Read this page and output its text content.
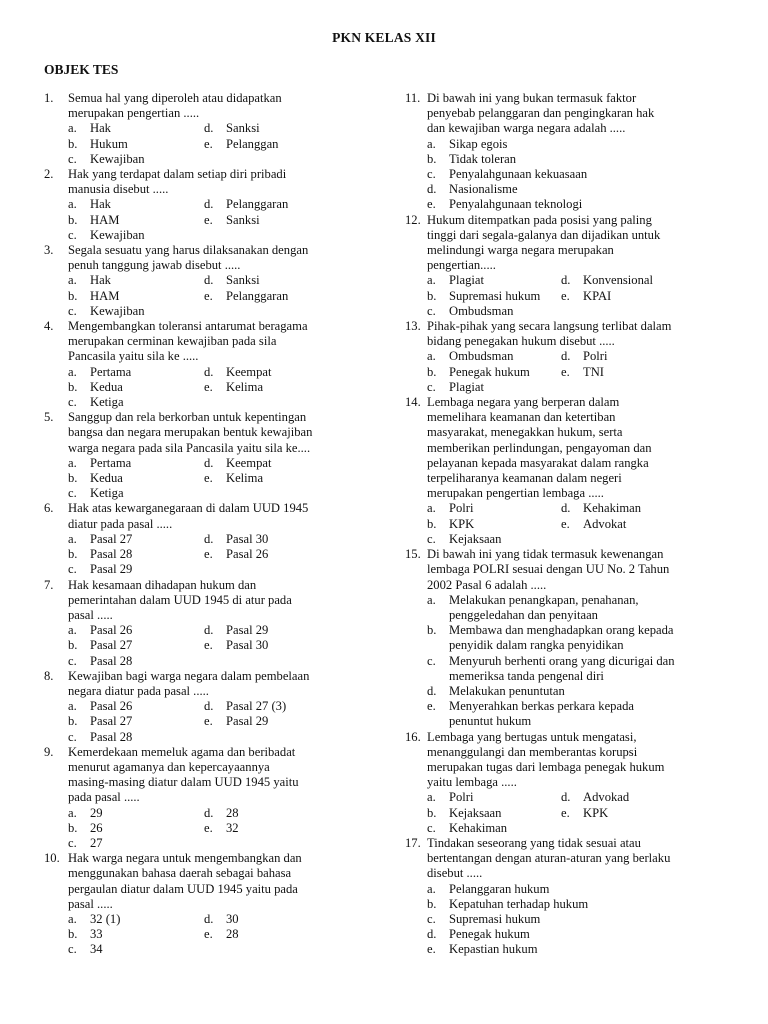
PKN KELAS XII
OBJEK TES
1.	Semua hal yang diperoleh atau didapatkan
merupakan pengertian .....
a.	Hak	d. Sanksi
b. Hukum	e.	Pelanggan
c.	Kewajiban
2.	Hak yang terdapat dalam setiap diri pribadi
manusia disebut .....
a.	Hak	d. Pelanggaran
b. HAM	e.	Sanksi
c.	Kewajiban
3.	Segala sesuatu yang harus dilaksanakan dengan
penuh tanggung jawab disebut .....
a.	Hak	d. Sanksi
b. HAM	e.	Pelanggaran
c.	Kewajiban
4.	Mengembangkan toleransi antarumat beragama
merupakan cerminan kewajiban pada sila
Pancasila yaitu sila ke .....
a.	Pertama	d. Keempat
b. Kedua	e.	Kelima
c.	Ketiga
5.	Sanggup dan rela berkorban untuk kepentingan
bangsa dan negara merupakan bentuk kewajiban
warga negara pada sila Pancasila yaitu sila ke....
a.	Pertama	d. Keempat
b. Kedua	e.	Kelima
c.	Ketiga
6.	Hak atas kewarganegaraan di dalam UUD 1945
diatur pada pasal .....
a.	Pasal 27	d. Pasal 30
b. Pasal 28	e.	Pasal 26
c.	Pasal 29
7.	Hak kesamaan dihadapan hukum dan
pemerintahan dalam UUD 1945 di atur pada
pasal .....
a.	Pasal 26	d. Pasal 29
b. Pasal 27	e.	Pasal 30
c.	Pasal 28
8.	Kewajiban bagi warga negara dalam pembelaan
negara diatur pada pasal .....
a.	Pasal 26	d. Pasal 27 (3)
b. Pasal 27	e.	Pasal 29
c.	Pasal 28
9.	Kemerdekaan memeluk agama dan beribadat
menurut agamanya dan kepercayaannya
masing-masing diatur dalam UUD 1945 yaitu
pada pasal .....
a.	29	d. 28
b. 26	e.	32
c.	27
10. Hak warga negara untuk mengembangkan dan
menggunakan bahasa daerah sebagai bahasa
pergaulan diatur dalam UUD 1945 yaitu pada
pasal .....
a.	32 (1)	d. 30
b. 33	e.	28
c.	34
11. Di bawah ini yang bukan termasuk faktor
penyebab pelanggaran dan pengingkaran hak
dan kewajiban warga negara adalah .....
a.	Sikap egois
b. Tidak toleran
c.	Penyalahgunaan kekuasaan
d. Nasionalisme
e.	Penyalahgunaan teknologi
12. Hukum ditempatkan pada posisi yang paling
tinggi dari segala-galanya dan dijadikan untuk
melindungi warga negara merupakan
pengertian.....
a.	Plagiat	d. Konvensional
b. Supremasi hukum	e.	KPAI
c.	Ombudsman
13. Pihak-pihak yang secara langsung terlibat dalam
bidang penegakan hukum disebut .....
a.	Ombudsman	d. Polri
b. Penegak hukum	e.	TNI
c.	Plagiat
14. Lembaga negara yang berperan dalam
memelihara keamanan dan ketertiban
masyarakat, menegakkan hukum, serta
memberikan perlindungan, pengayoman dan
pelayanan kepada masyarakat dalam rangka
terpeliharanya keamanan dalam negeri
merupakan pengertian lembaga .....
a.	Polri	d. Kehakiman
b. KPK	e.	Advokat
c.	Kejaksaan
15. Di bawah ini yang tidak termasuk kewenangan
lembaga POLRI sesuai dengan UU No. 2 Tahun
2002 Pasal 6 adalah .....
a.	Melakukan penangkapan, penahanan,
penggeledahan dan penyitaan
b. Membawa dan menghadapkan orang kepada
penyidik dalam rangka penyidikan
c.	Menyuruh berhenti orang yang dicurigai dan
memeriksa tanda pengenal diri
d. Melakukan penuntutan
e.	Menyerahkan berkas perkara kepada
penuntut hukum
16. Lembaga yang bertugas untuk mengatasi,
menanggulangi dan memberantas korupsi
merupakan tugas dari lembaga penegak hukum
yaitu lembaga .....
a.	Polri	d. Advokad
b. Kejaksaan	e.	KPK
c.	Kehakiman
17. Tindakan seseorang yang tidak sesuai atau
bertentangan dengan aturan-aturan yang berlaku
disebut .....
a.	Pelanggaran hukum
b. Kepatuhan terhadap hukum
c.	Supremasi hukum
d. Penegak hukum
e.	Kepastian hukum
